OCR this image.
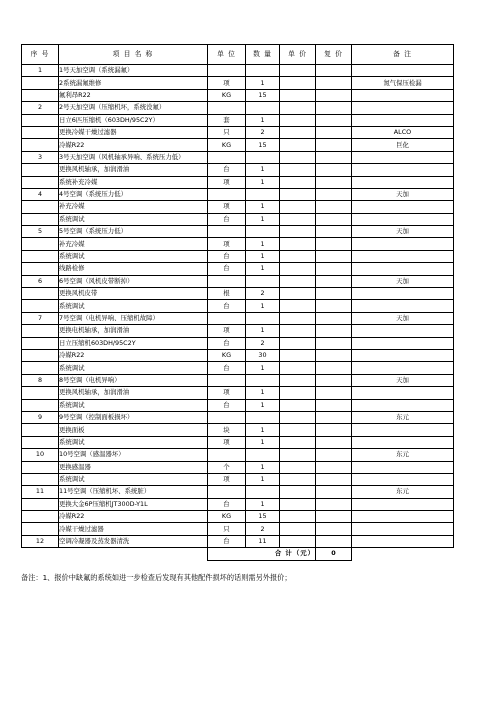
序 号	项 目 名 称	单 位	数 量	单 价	复 价	备 注
1	1号天加空调（系统漏氟）					
	2系统漏氟维修	项	1			氮气保压检漏
	氟利昂R22	KG	15			
2	2号天加空调（压缩机坏，系统没氟）					
	日立6匹压缩机（603DH/95C2Y）	套	1			
	更换冷媒干燥过滤器	只	2			ALCO
	冷媒R22	KG	15			巨化
3	3号天加空调（风机轴承异响、系统压力低）					
	更换风机轴承，加润滑油	台	1			
	系统补充冷媒	项	1			
4	4号空调（系统压力低）					天加
	补充冷媒	项	1			
	系统调试	台	1			
5	5号空调（系统压力低）					天加
	补充冷媒	项	1			
	系统调试	台	1			
	线路检修	台	1			
6	6号空调（风机皮带断掉）					天加
	更换风机皮带	根	2			
	系统调试	台	1			
7	7号空调（电机异响、压缩机故障）					天加
	更换电机轴承，加润滑油	项	1			
	日立压缩机603DH/95C2Y	台	2			
	冷媒R22	KG	30			
	系统调试	台	1			
8	8号空调（电机异响）					天加
	更换风机轴承，加润滑油	项	1			
	系统调试	台	1			
9	9号空调（控制面板损坏）					东元
	更换面板	块	1			
	系统调试	项	1			
10	10号空调（感温器坏）					东元
	更换感温器	个	1			
	系统调试	项	1			
11	11号空调（压缩机坏、系统脏）					东元
	更换大金6P压缩机JT300D-Y1L	台	1			
	冷媒R22	KG	15			
	冷媒干燥过滤器	只	2			
12	空调冷凝器及蒸发器清洗	台	11			
		合 计（元）			0	
备注：1、报价中缺氟的系统如进一步检查后发现有其他配件损坏的话则需另外报价；
